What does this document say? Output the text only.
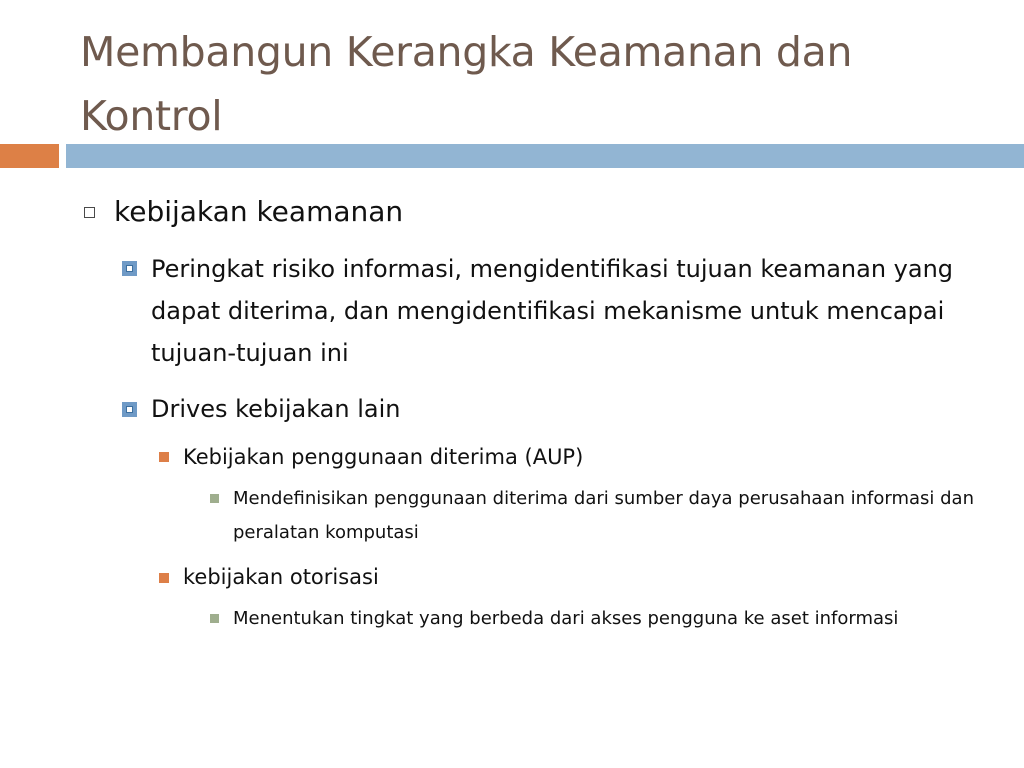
Membangun Kerangka Keamanan dan Kontrol
kebijakan keamanan
Peringkat risiko informasi, mengidentifikasi tujuan keamanan yang dapat diterima, dan mengidentifikasi mekanisme untuk mencapai tujuan-tujuan ini
Drives kebijakan lain
Kebijakan penggunaan diterima (AUP)
Mendefinisikan penggunaan diterima dari sumber daya perusahaan informasi dan peralatan komputasi
kebijakan otorisasi
Menentukan tingkat yang berbeda dari akses pengguna ke aset informasi
